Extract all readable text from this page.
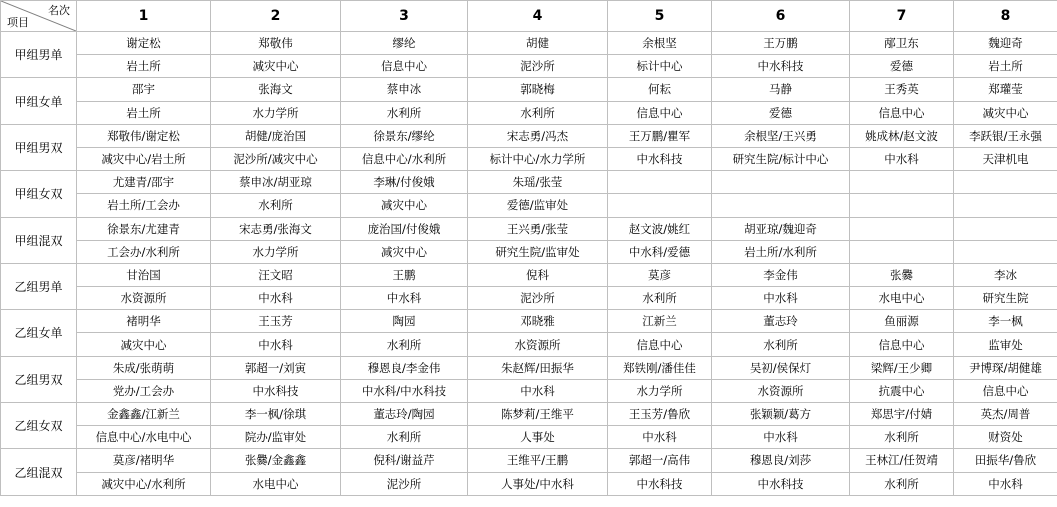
名次
项目	1	2	3	4	5	6	7	8
甲组男单	谢定松	郑敬伟	缪纶	胡健	余根坚	王万鹏	邴卫东	魏迎奇
	岩土所	减灾中心	信息中心	泥沙所	标计中心	中水科技	爱德	岩土所
甲组女单	邵宇	张海文	蔡申冰	郭晓梅	何耘	马静	王秀英	郑瓘莹
	岩土所	水力学所	水利所	水利所	信息中心	爱德	信息中心	减灾中心
甲组男双	郑敬伟/谢定松	胡健/庞治国	徐景东/缪纶	宋志勇/冯杰	王万鹏/瞿军	余根坚/王兴勇	姚成林/赵文波	李跃银/王永强
	减灾中心/岩土所	泥沙所/减灾中心	信息中心/水利所	标计中心/水力学所	中水科技	研究生院/标计中心	中水科	天津机电
甲组女双	尤建青/邵宇	蔡申冰/胡亚琼	李琳/付俊娥	朱瑶/张莹				
	岩土所/工会办	水利所	减灾中心	爱德/监审处				
甲组混双	徐景东/尤建青	宋志勇/张海文	庞治国/付俊娥	王兴勇/张莹	赵文波/姚红	胡亚琼/魏迎奇		
	工会办/水利所	水力学所	减灾中心	研究生院/监审处	中水科/爱德	岩土所/水利所		
乙组男单	甘治国	汪文昭	王鹏	倪科	莫彦	李金伟	张爨	李冰
	水资源所	中水科	中水科	泥沙所	水利所	中水科	水电中心	研究生院
乙组女单	褚明华	王玉芳	陶园	邓晓雅	江新兰	董志玲	鱼丽源	李一枫
	减灾中心	中水科	水利所	水资源所	信息中心	水利所	信息中心	监审处
乙组男双	朱成/张萌萌	郭超一/刘寅	穆恩良/李金伟	朱赵辉/田振华	郑铁刚/潘佳佳	吴初/侯保灯	梁辉/王少卿	尹博琛/胡健雄
	党办/工会办	中水科技	中水科/中水科技	中水科	水力学所	水资源所	抗震中心	信息中心
乙组女双	金鑫鑫/江新兰	李一枫/徐琪	董志玲/陶园	陈梦莉/王维平	王玉芳/鲁欣	张颖颖/葛方	郑思宇/付婧	英杰/周普
	信息中心/水电中心	院办/监审处	水利所	人事处	中水科	中水科	水利所	财资处
乙组混双	莫彦/褚明华	张爨/金鑫鑫	倪科/谢益芹	王维平/王鹏	郭超一/高伟	穆恩良/刘莎	王林江/任贺靖	田振华/鲁欣
	减灾中心/水利所	水电中心	泥沙所	人事处/中水科	中水科技	中水科技	水利所	中水科
